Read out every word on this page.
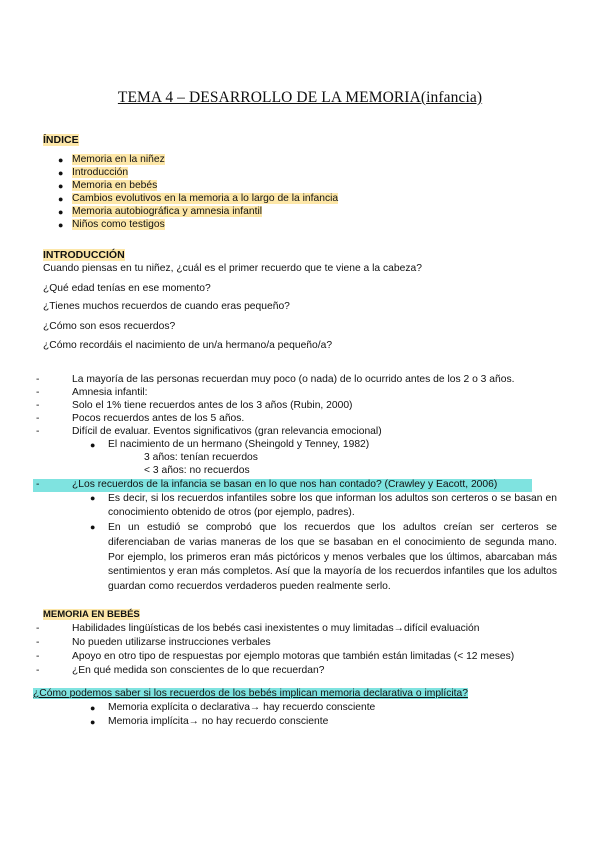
TEMA 4 – DESARROLLO DE LA MEMORIA(infancia)
ÍNDICE
● Memoria en la niñez
● Introducción
● Memoria en bebés
● Cambios evolutivos en la memoria a lo largo de la infancia
● Memoria autobiográfica y amnesia infantil
● Niños como testigos
INTRODUCCIÓN
Cuando piensas en tu niñez, ¿cuál es el primer recuerdo que te viene a la cabeza?
¿Qué edad tenías en ese momento?
¿Tienes muchos recuerdos de cuando eras pequeño?
¿Cómo son esos recuerdos?
¿Cómo recordáis el nacimiento de un/a hermano/a pequeño/a?
-	La mayoría de las personas recuerdan muy poco (o nada) de lo ocurrido antes de los 2 o 3 años.
-	Amnesia infantil:
-	Solo el 1% tiene recuerdos antes de los 3 años (Rubin, 2000)
-	Pocos recuerdos antes de los 5 años.
-	Difícil de evaluar. Eventos significativos (gran relevancia emocional)
● El nacimiento de un hermano (Sheingold y Tenney, 1982)
3 años: tenían recuerdos
< 3 años: no recuerdos
-	¿Los recuerdos de la infancia se basan en lo que nos han contado? (Crawley y Eacott, 2006)
● Es decir, si los recuerdos infantiles sobre los que informan los adultos son certeros o se basan en conocimiento obtenido de otros (por ejemplo, padres).
● En un estudió se comprobó que los recuerdos que los adultos creían ser certeros se diferenciaban de varias maneras de los que se basaban en el conocimiento de segunda mano. Por ejemplo, los primeros eran más pictóricos y menos verbales que los últimos, abarcaban más sentimientos y eran más completos. Así que la mayoría de los recuerdos infantiles que los adultos guardan como recuerdos verdaderos pueden realmente serlo.
MEMORIA EN BEBÉS
-	Habilidades lingüísticas de los bebés casi inexistentes o muy limitadas→difícil evaluación
-	No pueden utilizarse instrucciones verbales
-	Apoyo en otro tipo de respuestas por ejemplo motoras que también están limitadas (< 12 meses)
-	¿En qué medida son conscientes de lo que recuerdan?
¿Cómo podemos saber si los recuerdos de los bebés implican memoria declarativa o implícita?
● Memoria explícita o declarativa→ hay recuerdo consciente
● Memoria implícita→ no hay recuerdo consciente
